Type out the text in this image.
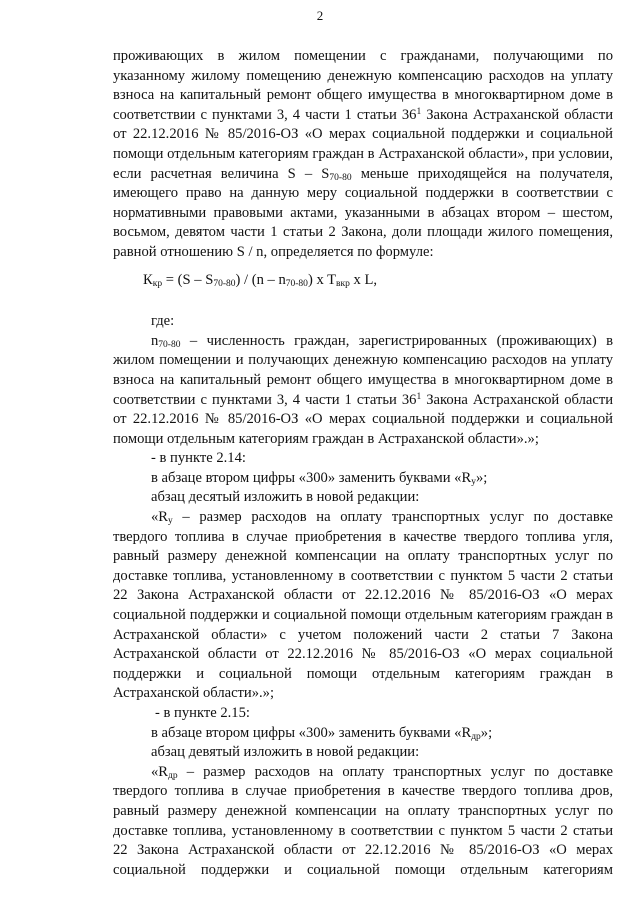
2

проживающих в жилом помещении с гражданами, получающими по указанному жилому помещению денежную компенсацию расходов на уплату взноса на капитальный ремонт общего имущества в многоквартирном доме в соответствии с пунктами 3, 4 части 1 статьи $36^1$ Закона Астраханской области от 22.12.2016 № 85/2016-ОЗ «О мерах социальной поддержки и социальной помощи отдельным категориям граждан в Астраханской области», при условии, если расчетная величина S – $S_{70-80}$ меньше приходящейся на получателя, имеющего право на данную меру социальной поддержки в соответствии с нормативными правовыми актами, указанными в абзацах втором – шестом, восьмом, девятом части 1 статьи 2 Закона, доли площади жилого помещения, равной отношению S / n, определяется по формуле:

$К_{кр} = (S - S_{70-80}) / (n - n_{70-80})$ x $T_{вкр}$ x L,

где:

$n_{70-80}$ – численность граждан, зарегистрированных (проживающих) в жилом помещении и получающих денежную компенсацию расходов на уплату взноса на капитальный ремонт общего имущества в многоквартирном доме в соответствии с пунктами 3, 4 части 1 статьи $36^1$ Закона Астраханской области от 22.12.2016 № 85/2016-ОЗ «О мерах социальной поддержки и социальной помощи отдельным категориям граждан в Астраханской области».»;

- в пункте 2.14:

в абзаце втором цифры «300» заменить буквами «$R_у$»;

абзац десятый изложить в новой редакции:

«$R_у$ – размер расходов на оплату транспортных услуг по доставке твердого топлива в случае приобретения в качестве твердого топлива угля, равный размеру денежной компенсации на оплату транспортных услуг по доставке топлива, установленному в соответствии с пунктом 5 части 2 статьи 22 Закона Астраханской области от 22.12.2016 № 85/2016-ОЗ «О мерах социальной поддержки и социальной помощи отдельным категориям граждан в Астраханской области» с учетом положений части 2 статьи 7 Закона Астраханской области от 22.12.2016 № 85/2016-ОЗ «О мерах социальной поддержки и социальной помощи отдельным категориям граждан в Астраханской области».»;

- в пункте 2.15:

в абзаце втором цифры «300» заменить буквами «$R_{др}$»;

абзац девятый изложить в новой редакции:

«$R_{др}$ – размер расходов на оплату транспортных услуг по доставке твердого топлива в случае приобретения в качестве твердого топлива дров, равный размеру денежной компенсации на оплату транспортных услуг по доставке топлива, установленному в соответствии с пунктом 5 части 2 статьи 22 Закона Астраханской области от 22.12.2016 № 85/2016-ОЗ «О мерах социальной поддержки и социальной помощи отдельным категориям
